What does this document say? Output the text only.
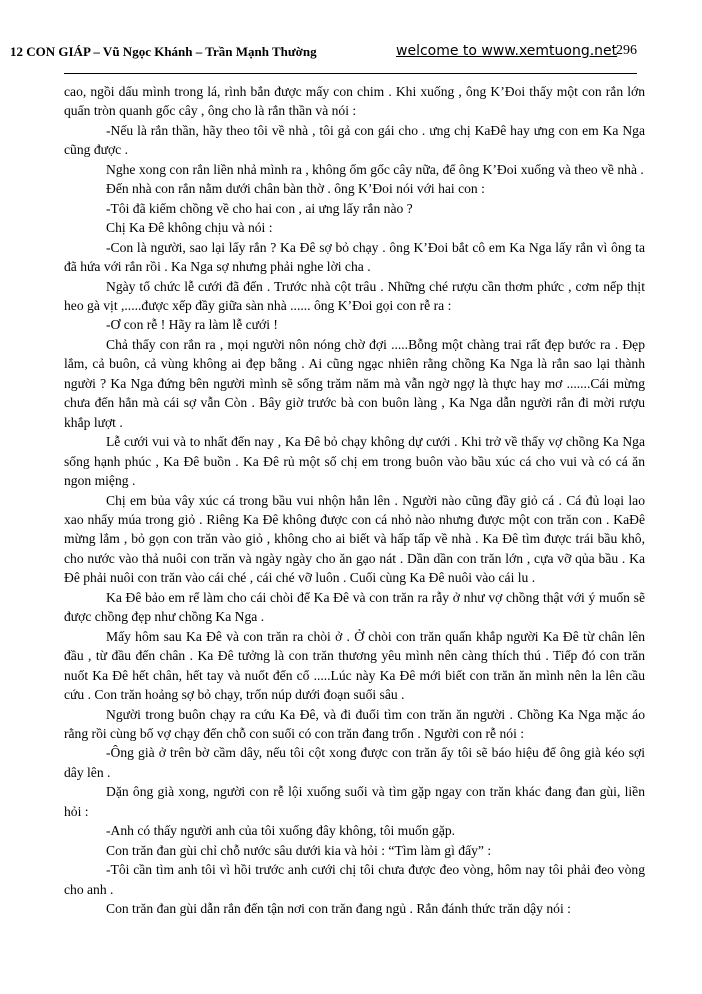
12 CON GIÁP – Vũ Ngọc Khánh – Trần Mạnh Thường	welcome to www.xemtuong.net
296

cao, ngồi dấu mình trong lá, rình bắn được mấy con chim . Khi xuống , ông K’Đoi thấy một con rắn lớn quấn tròn quanh gốc cây , ông cho là rắn thần và nói :

-Nếu là rắn thần, hãy theo tôi về nhà , tôi gả con gái cho . ưng chị KaĐê hay ưng con em Ka Nga cũng được .

Nghe xong con rắn liền nhả mình ra , không ốm gốc cây nữa, để ông K’Đoi xuống và theo về nhà .

Đến nhà con rắn nằm dưới chân bàn thờ . ông K’Đoi nói với hai con :

-Tôi đã kiếm chồng về cho hai con , ai ưng lấy rắn nào ?

Chị Ka Đê không chịu và nói :

-Con là người, sao lại lấy rắn ? Ka Đê sợ bỏ chạy . ông K’Đoi bắt cô em Ka Nga lấy rắn vì ông ta đã hứa với rắn rồi . Ka Nga sợ nhưng phải nghe lời cha .

Ngày tổ chức lễ cưới đã đến . Trước nhà cột trâu . Những ché rượu cần thơm phức , cơm nếp thịt heo gà vịt ,.....được xếp đầy giữa sàn nhà ...... ông K’Đoi gọi con rễ ra :

-Ơ con rễ ! Hãy ra làm lễ cưới !

Chả thấy con rắn ra , mọi người nôn nóng chờ đợi .....Bỗng một chàng trai rất đẹp bước ra . Đẹp lắm, cả buôn, cả vùng không ai đẹp bằng . Ai cũng ngạc nhiên rằng chồng Ka Nga là rắn sao lại thành người ? Ka Nga đứng bên người mình sẽ sống trăm năm mà vẫn ngờ ngợ là thực hay mơ .......Cái mừng chưa đến hẳn mà cái sợ vẫn Còn . Bây giờ trước bà con buôn làng , Ka Nga dẫn người rắn đi mời rượu khắp lượt .

Lễ cưới vui và to nhất đến nay , Ka Đê bỏ chạy không dự cưới . Khi trở về thấy vợ chồng Ka Nga sống hạnh phúc , Ka Đê buồn . Ka Đê rủ một số chị em trong buôn vào bầu xúc cá cho vui và có cá ăn ngon miệng .

Chị em bủa vây xúc cá trong bầu vui nhộn hẳn lên . Người nào cũng đầy giỏ cá . Cá đủ loại lao xao nhẩy múa trong giỏ . Riêng Ka Đê không được con cá nhỏ nào nhưng được một con trăn con . KaĐê mừng lắm , bỏ gọn con trăn vào giỏ , không cho ai biết và hấp tấp về nhà . Ka Đê tìm được trái bầu khô, cho nước vào thả nuôi con trăn và ngày ngày cho ăn gạo nát . Dần dần con trăn lớn , cựa vỡ qủa bầu . Ka Đê phải nuôi con trăn vào cái ché , cái ché vỡ luôn . Cuối cùng Ka Đê nuôi vào cái lu .

Ka Đê bảo em rể làm cho cái chòi để Ka Đê và con trăn ra rẫy ở như vợ chồng thật với ý muốn sẽ được chồng đẹp như chồng Ka Nga .

Mấy hôm sau Ka Đê và con trăn ra chòi ở . Ở chòi con trăn quấn khắp người Ka Đê từ chân lên đầu , từ đầu đến chân . Ka Đê tưởng là con trăn thương yêu mình nên càng thích thú . Tiếp đó con trăn nuốt Ka Đê hết chân, hết tay và nuốt đến cổ .....Lúc này Ka Đê mới biết con trăn ăn mình nên la lên cầu cứu . Con trăn hoảng sợ bỏ chạy, trốn núp dưới đoạn suối sâu .

Người trong buôn chạy ra cứu Ka Đê, và đi đuổi tìm con trăn ăn người . Chồng Ka Nga mặc áo rằng rồi cùng bố vợ chạy đến chỗ con suối có con trăn đang trốn . Người con rễ nói :

-Ông già ở trên bờ cầm dây, nếu tôi cột xong được con trăn ấy tôi sẽ báo hiệu để ông già kéo sợi dây lên .

Dặn ông già xong, người con rễ lội xuống suối và tìm gặp ngay con trăn khác đang đan gùi, liền hỏi :

-Anh có thấy người anh của tôi xuống đây không, tôi muốn gặp.

Con trăn đan gùi chỉ chỗ nước sâu dưới kia và hỏi : “Tìm làm gì đấy” :

-Tôi cần tìm anh tôi vì hồi trước anh cưới chị tôi chưa được đeo vòng, hôm nay tôi phải đeo vòng cho anh .

Con trăn đan gùi dẫn rắn đến tận nơi con trăn đang ngủ . Rắn đánh thức trăn dậy nói :
